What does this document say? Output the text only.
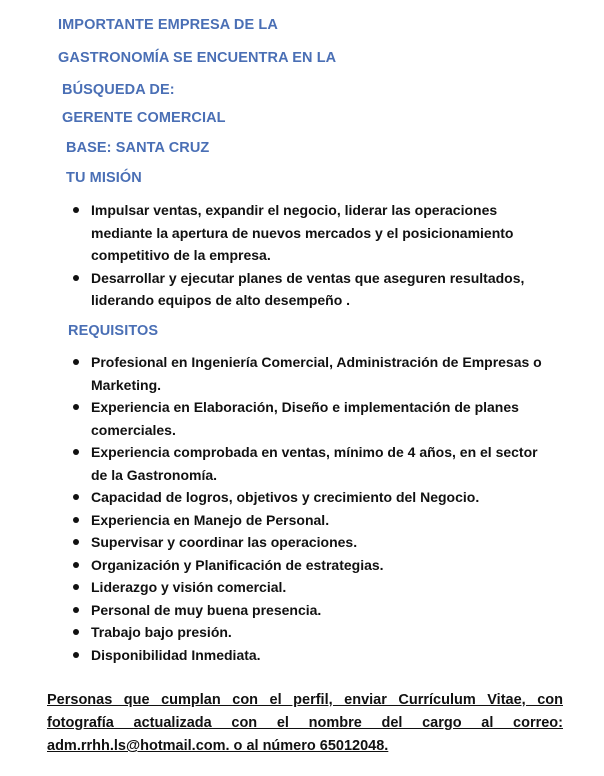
IMPORTANTE EMPRESA DE LA
GASTRONOMÍA SE ENCUENTRA EN LA
BÚSQUEDA DE:
GERENTE COMERCIAL
BASE: SANTA CRUZ
TU MISIÓN
Impulsar ventas, expandir el negocio, liderar las operaciones mediante la apertura de nuevos mercados y el posicionamiento competitivo de la empresa.
Desarrollar y ejecutar planes de ventas que aseguren resultados, liderando equipos de alto desempeño .
REQUISITOS
Profesional en Ingeniería Comercial, Administración de Empresas o Marketing.
Experiencia en Elaboración, Diseño e implementación de planes comerciales.
Experiencia comprobada en ventas, mínimo de 4 años, en el sector de la Gastronomía.
Capacidad de logros, objetivos y crecimiento del Negocio.
Experiencia en Manejo de Personal.
Supervisar y coordinar las operaciones.
Organización y Planificación de estrategias.
Liderazgo y visión comercial.
Personal de muy buena presencia.
Trabajo bajo presión.
Disponibilidad Inmediata.
Personas que cumplan con el perfil, enviar Currículum Vitae, con
fotografía actualizada con el nombre del cargo al correo:
adm.rrhh.ls@hotmail.com. o al número 65012048.
